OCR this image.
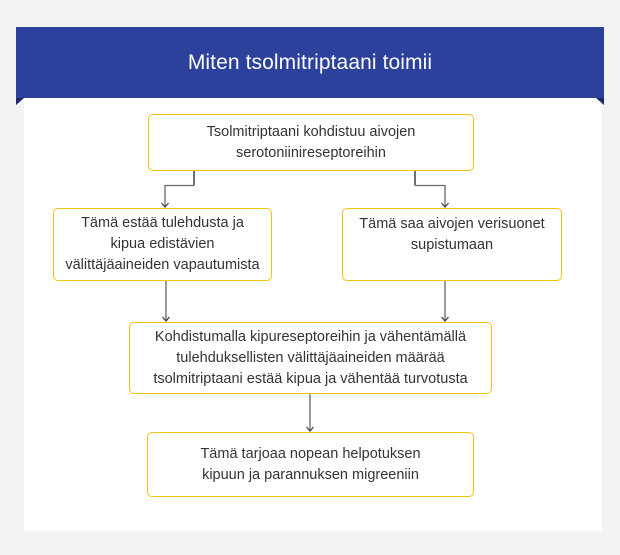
Miten tsolmitriptaani toimii
Tsolmitriptaani kohdistuu aivojen serotoniinireseptoreihin
Tämä estää tulehdusta ja kipua edistävien välittäjäaineiden vapautumista
Tämä saa aivojen verisuonet supistumaan
Kohdistumalla kipureseptoreihin ja vähentämällä tulehduksellisten välittäjäaineiden määrää tsolmitriptaani estää kipua ja vähentää turvotusta
Tämä tarjoaa nopean helpotuksen kipuun ja parannuksen migreeniin
